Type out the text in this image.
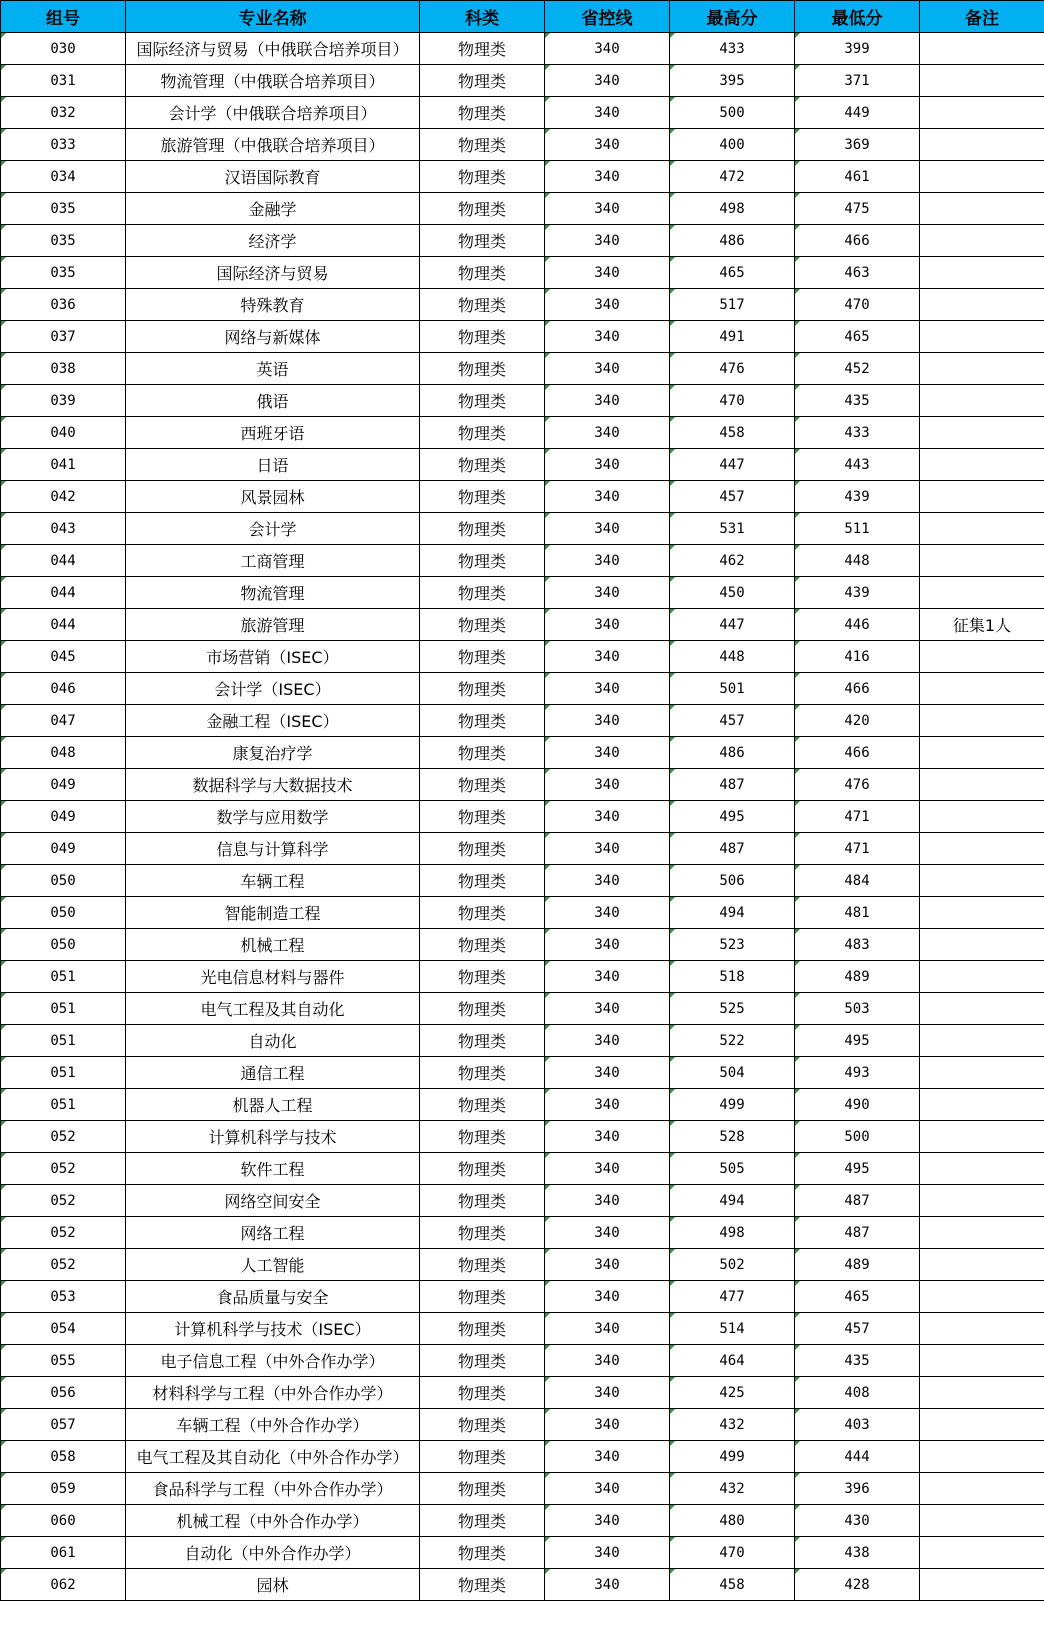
组号	专业名称	科类	省控线	最高分	最低分	备注
030	国际经济与贸易（中俄联合培养项目）	物理类	340	433	399	
031	物流管理（中俄联合培养项目）	物理类	340	395	371	
032	会计学（中俄联合培养项目）	物理类	340	500	449	
033	旅游管理（中俄联合培养项目）	物理类	340	400	369	
034	汉语国际教育	物理类	340	472	461	
035	金融学	物理类	340	498	475	
035	经济学	物理类	340	486	466	
035	国际经济与贸易	物理类	340	465	463	
036	特殊教育	物理类	340	517	470	
037	网络与新媒体	物理类	340	491	465	
038	英语	物理类	340	476	452	
039	俄语	物理类	340	470	435	
040	西班牙语	物理类	340	458	433	
041	日语	物理类	340	447	443	
042	风景园林	物理类	340	457	439	
043	会计学	物理类	340	531	511	
044	工商管理	物理类	340	462	448	
044	物流管理	物理类	340	450	439	
044	旅游管理	物理类	340	447	446	征集1人
045	市场营销（ISEC）	物理类	340	448	416	
046	会计学（ISEC）	物理类	340	501	466	
047	金融工程（ISEC）	物理类	340	457	420	
048	康复治疗学	物理类	340	486	466	
049	数据科学与大数据技术	物理类	340	487	476	
049	数学与应用数学	物理类	340	495	471	
049	信息与计算科学	物理类	340	487	471	
050	车辆工程	物理类	340	506	484	
050	智能制造工程	物理类	340	494	481	
050	机械工程	物理类	340	523	483	
051	光电信息材料与器件	物理类	340	518	489	
051	电气工程及其自动化	物理类	340	525	503	
051	自动化	物理类	340	522	495	
051	通信工程	物理类	340	504	493	
051	机器人工程	物理类	340	499	490	
052	计算机科学与技术	物理类	340	528	500	
052	软件工程	物理类	340	505	495	
052	网络空间安全	物理类	340	494	487	
052	网络工程	物理类	340	498	487	
052	人工智能	物理类	340	502	489	
053	食品质量与安全	物理类	340	477	465	
054	计算机科学与技术（ISEC）	物理类	340	514	457	
055	电子信息工程（中外合作办学）	物理类	340	464	435	
056	材料科学与工程（中外合作办学）	物理类	340	425	408	
057	车辆工程（中外合作办学）	物理类	340	432	403	
058	电气工程及其自动化（中外合作办学）	物理类	340	499	444	
059	食品科学与工程（中外合作办学）	物理类	340	432	396	
060	机械工程（中外合作办学）	物理类	340	480	430	
061	自动化（中外合作办学）	物理类	340	470	438	
062	园林	物理类	340	458	428	
